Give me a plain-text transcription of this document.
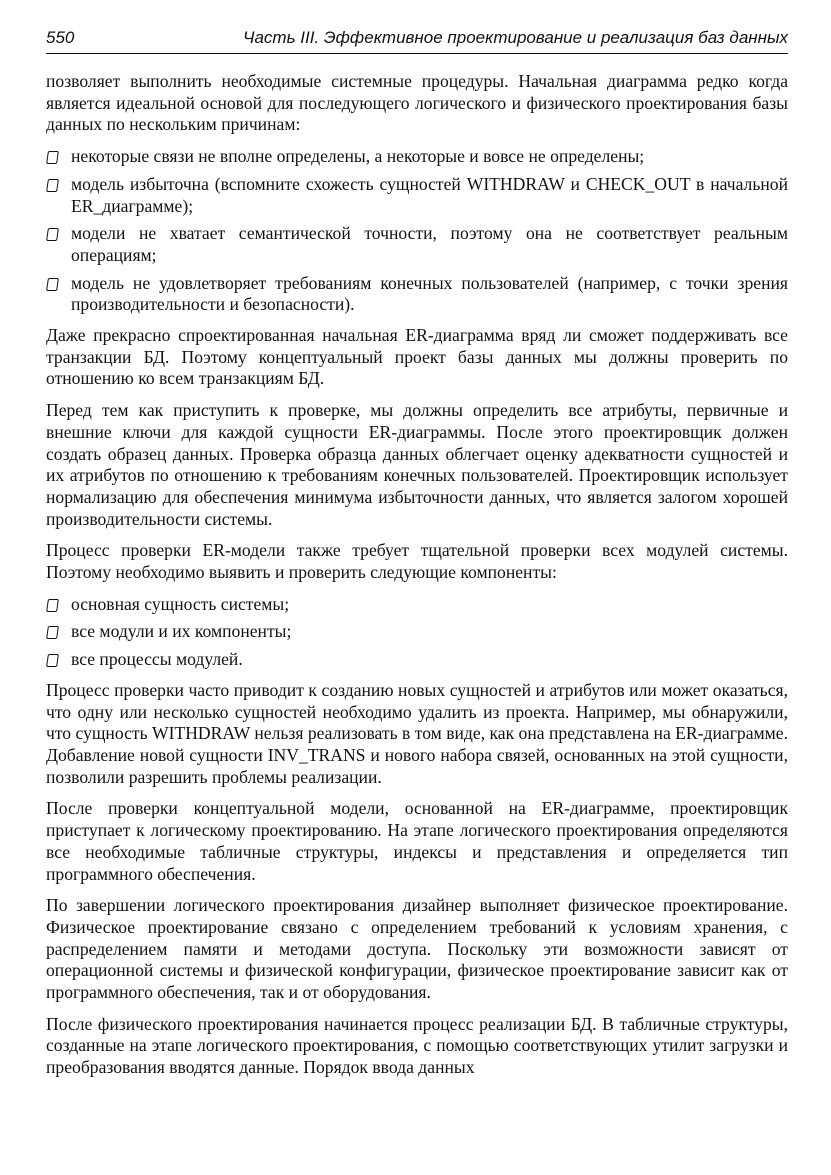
550	Часть III. Эффективное проектирование и реализация баз данных

позволяет выполнить необходимые системные процедуры. Начальная диаграмма редко когда является идеальной основой для последующего логического и физического проектирования базы данных по нескольким причинам:

некоторые связи не вполне определены, а некоторые и вовсе не определены;
модель избыточна (вспомните схожесть сущностей WITHDRAW и CHECK_OUT в начальной ER_диаграмме);
модели не хватает семантической точности, поэтому она не соответствует реальным операциям;
модель не удовлетворяет требованиям конечных пользователей (например, с точки зрения производительности и безопасности).

Даже прекрасно спроектированная начальная ER-диаграмма вряд ли сможет поддерживать все транзакции БД. Поэтому концептуальный проект базы данных мы должны проверить по отношению ко всем транзакциям БД.

Перед тем как приступить к проверке, мы должны определить все атрибуты, первичные и внешние ключи для каждой сущности ER-диаграммы. После этого проектировщик должен создать образец данных. Проверка образца данных облегчает оценку адекватности сущностей и их атрибутов по отношению к требованиям конечных пользователей. Проектировщик использует нормализацию для обеспечения минимума избыточности данных, что является залогом хорошей производительности системы.

Процесс проверки ER-модели также требует тщательной проверки всех модулей системы. Поэтому необходимо выявить и проверить следующие компоненты:

основная сущность системы;
все модули и их компоненты;
все процессы модулей.

Процесс проверки часто приводит к созданию новых сущностей и атрибутов или может оказаться, что одну или несколько сущностей необходимо удалить из проекта. Например, мы обнаружили, что сущность WITHDRAW нельзя реализовать в том виде, как она представлена на ER-диаграмме. Добавление новой сущности INV_TRANS и нового набора связей, основанных на этой сущности, позволили разрешить проблемы реализации.

После проверки концептуальной модели, основанной на ER-диаграмме, проектировщик приступает к логическому проектированию. На этапе логического проектирования определяются все необходимые табличные структуры, индексы и представления и определяется тип программного обеспечения.

По завершении логического проектирования дизайнер выполняет физическое проектирование. Физическое проектирование связано с определением требований к условиям хранения, с распределением памяти и методами доступа. Поскольку эти возможности зависят от операционной системы и физической конфигурации, физическое проектирование зависит как от программного обеспечения, так и от оборудования.

После физического проектирования начинается процесс реализации БД. В табличные структуры, созданные на этапе логического проектирования, с помощью соответствующих утилит загрузки и преобразования вводятся данные. Порядок ввода данных
